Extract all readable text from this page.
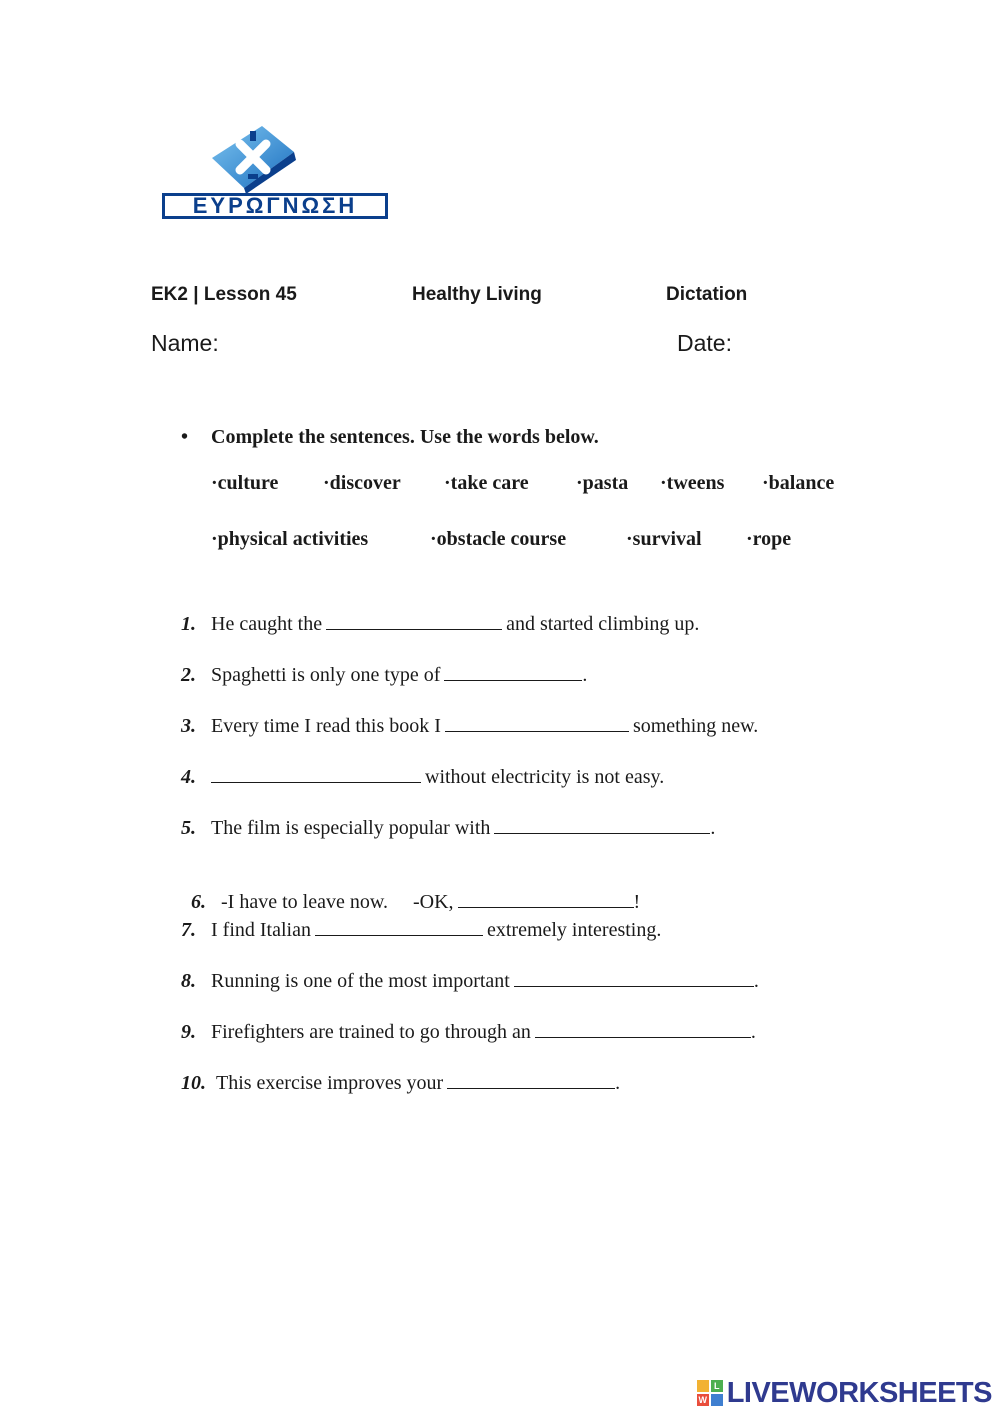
ΕΥΡΩΓΝΩΣΗ
EK2 | Lesson 45	Healthy Living	Dictation
Name:	Date:
• Complete the sentences. Use the words below.
·culture ·discover ·take care ·pasta ·tweens ·balance
·physical activities	·obstacle course	·survival ·rope
1. He caught the	and started climbing up.
2. Spaghetti is only one type of	.
3. Every time I read this book I	something new.
4.	without electricity is not easy.
5. The film is especially popular with	.

6. -I have to leave now.     -OK,	!

7. I find Italian	extremely interesting.
8. Running is one of the most important	.
9. Firefighters are trained to go through an	.
10. This exercise improves your	.
L
W LIVEWORKSHEETS
